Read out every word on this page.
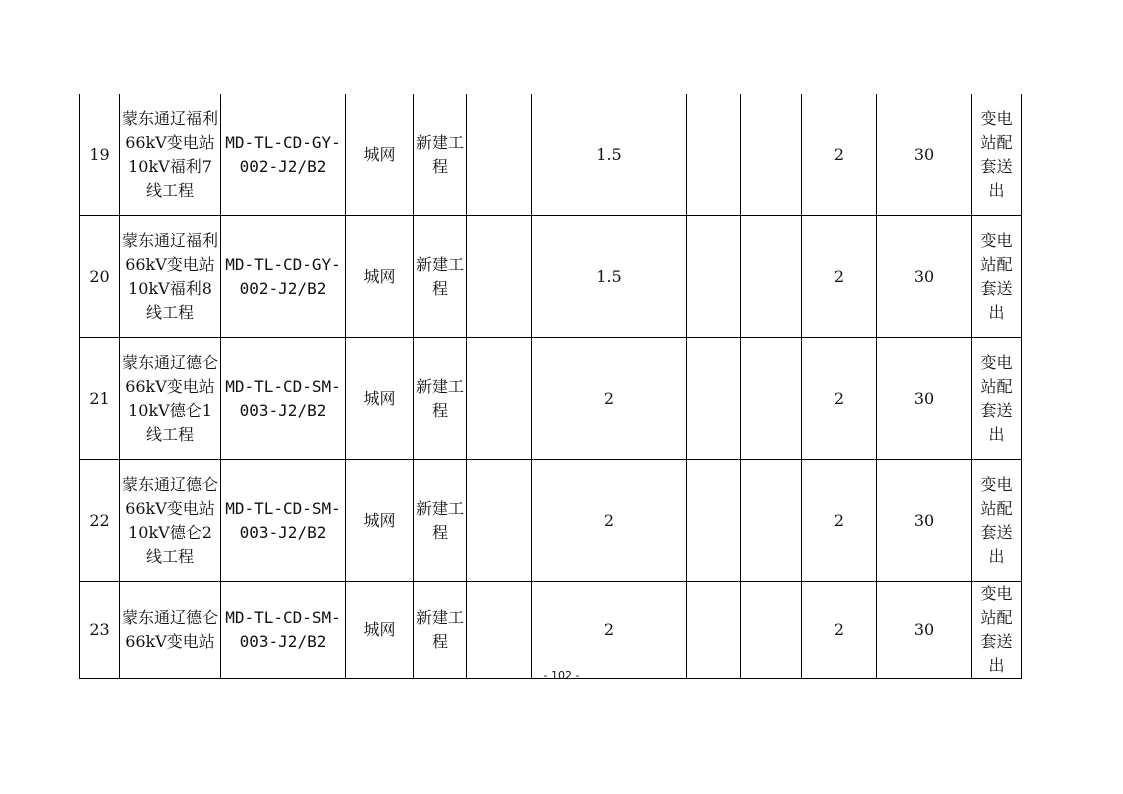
19	蒙东通辽福利66kV变电站10kV福利7线工程	MD-TL-CD-GY-002-J2/B2	城网	新建工程		1.5			2	30	变电站配套送出	
20	蒙东通辽福利66kV变电站10kV福利8线工程	MD-TL-CD-GY-002-J2/B2	城网	新建工程		1.5			2	30	变电站配套送出	
21	蒙东通辽德仑66kV变电站10kV德仑1线工程	MD-TL-CD-SM-003-J2/B2	城网	新建工程		2			2	30	变电站配套送出	
22	蒙东通辽德仑66kV变电站10kV德仑2线工程	MD-TL-CD-SM-003-J2/B2	城网	新建工程		2			2	30	变电站配套送出	
23	蒙东通辽德仑66kV变电站	MD-TL-CD-SM-003-J2/B2	城网	新建工程		2			2	30	变电站配套送出	
- 102 -
